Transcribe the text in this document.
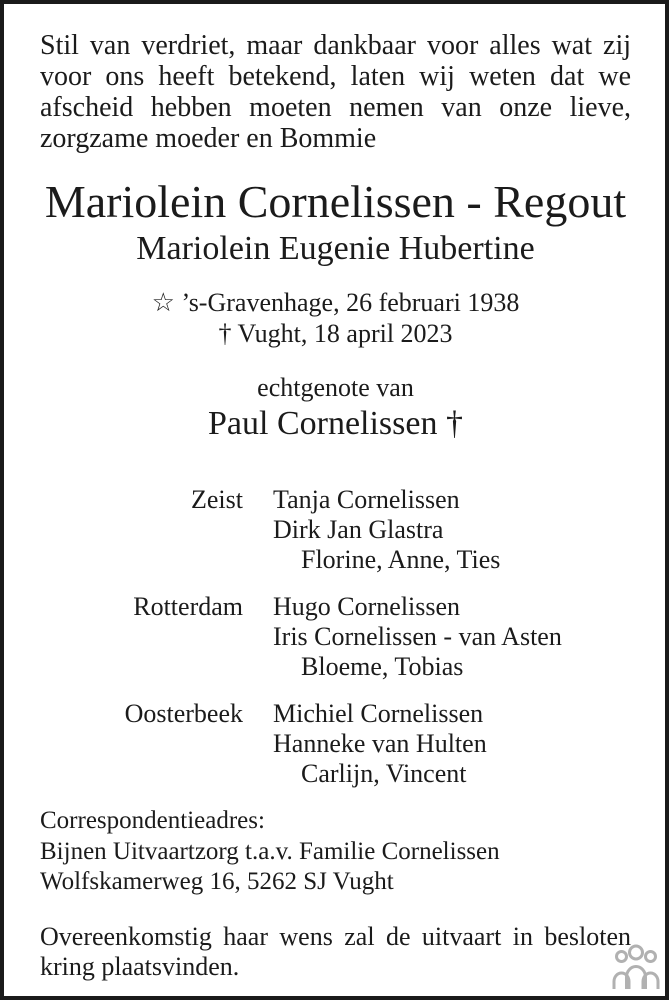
Stil van verdriet, maar dankbaar voor alles wat zij voor ons heeft betekend, laten wij weten dat we afscheid hebben moeten nemen van onze lieve, zorgzame moeder en Bommie

Mariolein Cornelissen - Regout
Mariolein Eugenie Hubertine
☆ ’s-Gravenhage, 26 februari 1938
† Vught, 18 april 2023
echtgenote van
Paul Cornelissen †
Zeist Tanja Cornelissen
Dirk Jan Glastra
Florine, Anne, Ties
Rotterdam Hugo Cornelissen
Iris Cornelissen - van Asten
Bloeme, Tobias
Oosterbeek Michiel Cornelissen
Hanneke van Hulten
Carlijn, Vincent
Correspondentieadres:
Bijnen Uitvaartzorg t.a.v. Familie Cornelissen
Wolfskamerweg 16, 5262 SJ Vught

Overeenkomstig haar wens zal de uitvaart in besloten kring plaatsvinden.
